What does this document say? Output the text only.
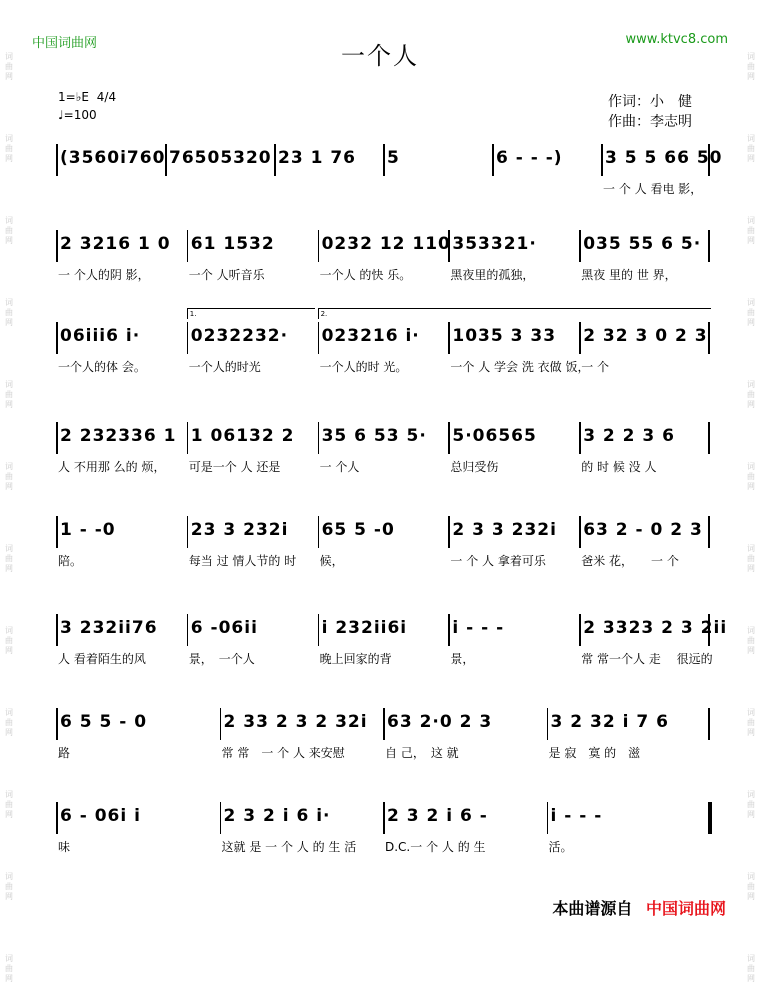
词曲网
词曲网
词曲网
词曲网
词曲网
词曲网
词曲网
词曲网
词曲网
词曲网
词曲网
词曲网
词曲网
词曲网
词曲网
词曲网
词曲网
词曲网
词曲网
词曲网
词曲网
词曲网
词曲网
词曲网
中国词曲网	www.ktvc8.com
一个人
1=♭E 4/4
♩=100
作词：小　健
作曲：李志明
(3560i760 76505320 23 1 76 5	6 - - -) 3 5 5 66 50
一 个 人 看电 影，
2 3216 1 0 61 1532	0232 12 110 353321·	035 55 6 5·
一 个人的阴 影，	一个 人听音乐	一个人 的快 乐。	黑夜里的孤独，	黑夜 里的 世 界，
06iii6 i·	0232232· 023216 i· 1035 3 33 2 32 3 0 2 3
一个人的体 会。	一个人的时光	一个人的时 光。	一个 人 学会 洗 衣做 饭，
一 个
1.	2.
2 232336 1 1 06132 2 35 6 53 5· 5·06565	3 2 2 3 6
人 不用那 么的 烦， 可是一个 人 还是	一 个人	总归受伤	的 时 候 没 人
1 - -0	23 3 232i 65 5 -0	2 3 3 232i 63 2 - 0 2 3
陪。	每当 过 情人节的 时 候，	一 个 人 拿着可乐	爸米 花，　　一 个
3 232ii76 6 -06ii	i 232ii6i	i - - -	2 3323 2 3 2ii
人 看着陌生的风	景，　一个人	晚上回家的背	景，	常 常一个人 走　 很远的
6 5 5 - 0	2 33 2 3 2 32i 63 2·0 2 3	3 2 32 i 7 6
路	常 常　一 个 人 来安慰	自 己，　这 就	是 寂　寞 的　滋
6 - 06i i	2 3 2 i 6 i·	2 3 2 i 6 -	i - - -
味	这就 是 一 个 人 的 生 活 D.C.一 个 人 的 生	活。
本曲谱源自 中国词曲网
